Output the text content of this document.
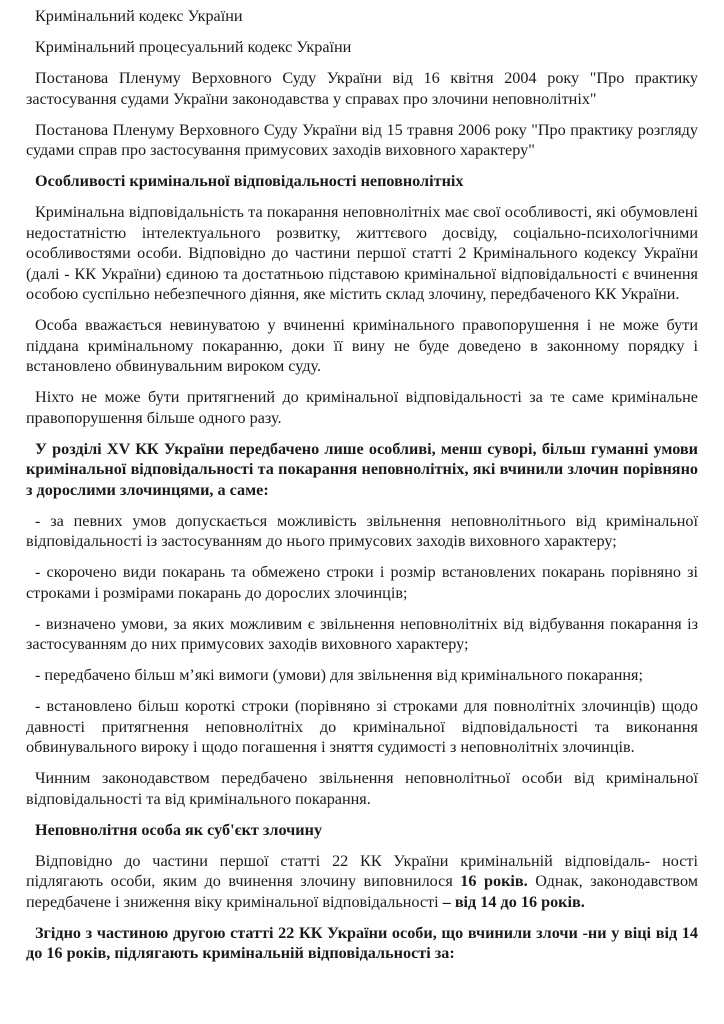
Кримінальний кодекс України

Кримінальний процесуальний кодекс України

Постанова Пленуму Верховного Суду України від 16 квітня 2004 року "Про практику застосування судами України законодавства у справах про злочини неповнолітніх"

Постанова Пленуму Верховного Суду України від 15 травня 2006 року "Про практику розгляду судами справ про застосування примусових заходів виховного характеру"

Особливості кримінальної відповідальності неповнолітніх

Кримінальна відповідальність та покарання неповнолітніх має свої особливості, які обумовлені недостатністю інтелектуального розвитку, життєвого досвіду, соціально-психологічними особливостями особи. Відповідно до частини першої статті 2 Кримінального кодексу України (далі - КК України) єдиною та достатньою підставою кримінальної відповідальності є вчинення особою суспільно небезпечного діяння, яке містить склад злочину, передбаченого КК України.

Особа вважається невинуватою у вчиненні кримінального правопорушення і не може бути піддана кримінальному покаранню, доки її вину не буде доведено в законному порядку і встановлено обвинувальним вироком суду.

Ніхто не може бути притягнений до кримінальної відповідальності за те саме кримінальне правопорушення більше одного разу.

У розділі XV КК України передбачено лише особливі, менш суворі, більш гуманні умови кримінальної відповідальності та покарання неповнолітніх, які вчинили злочин порівняно з дорослими злочинцями, а саме:

- за певних умов допускається можливість звільнення неповнолітнього від кримінальної відповідальності із застосуванням до нього примусових заходів виховного характеру;

- скорочено види покарань та обмежено строки і розмір встановлених покарань порівняно зі строками і розмірами покарань до дорослих злочинців;

- визначено умови, за яких можливим є звільнення неповнолітніх від відбування покарання із застосуванням до них примусових заходів виховного характеру;

- передбачено більш м’які вимоги (умови) для звільнення від кримінального покарання;

- встановлено більш короткі строки (порівняно зі строками для повнолітніх злочинців) щодо давності притягнення неповнолітніх до кримінальної відповідальності та виконання обвинувального вироку і щодо погашення і зняття судимості з неповнолітніх злочинців.

Чинним законодавством передбачено звільнення неповнолітньої особи від кримінальної відповідальності та від кримінального покарання.

Неповнолітня особа як суб'єкт злочину

Відповідно до частини першої статті 22 КК України кримінальній відповідаль- ності підлягають особи, яким до вчинення злочину виповнилося 16 років. Однак, законодавством передбачене і зниження віку кримінальної відповідальності – від 14 до 16 років.

Згідно з частиною другою статті 22 КК України особи, що вчинили злочи -ни у віці від 14 до 16 років, підлягають кримінальній відповідальності за:
